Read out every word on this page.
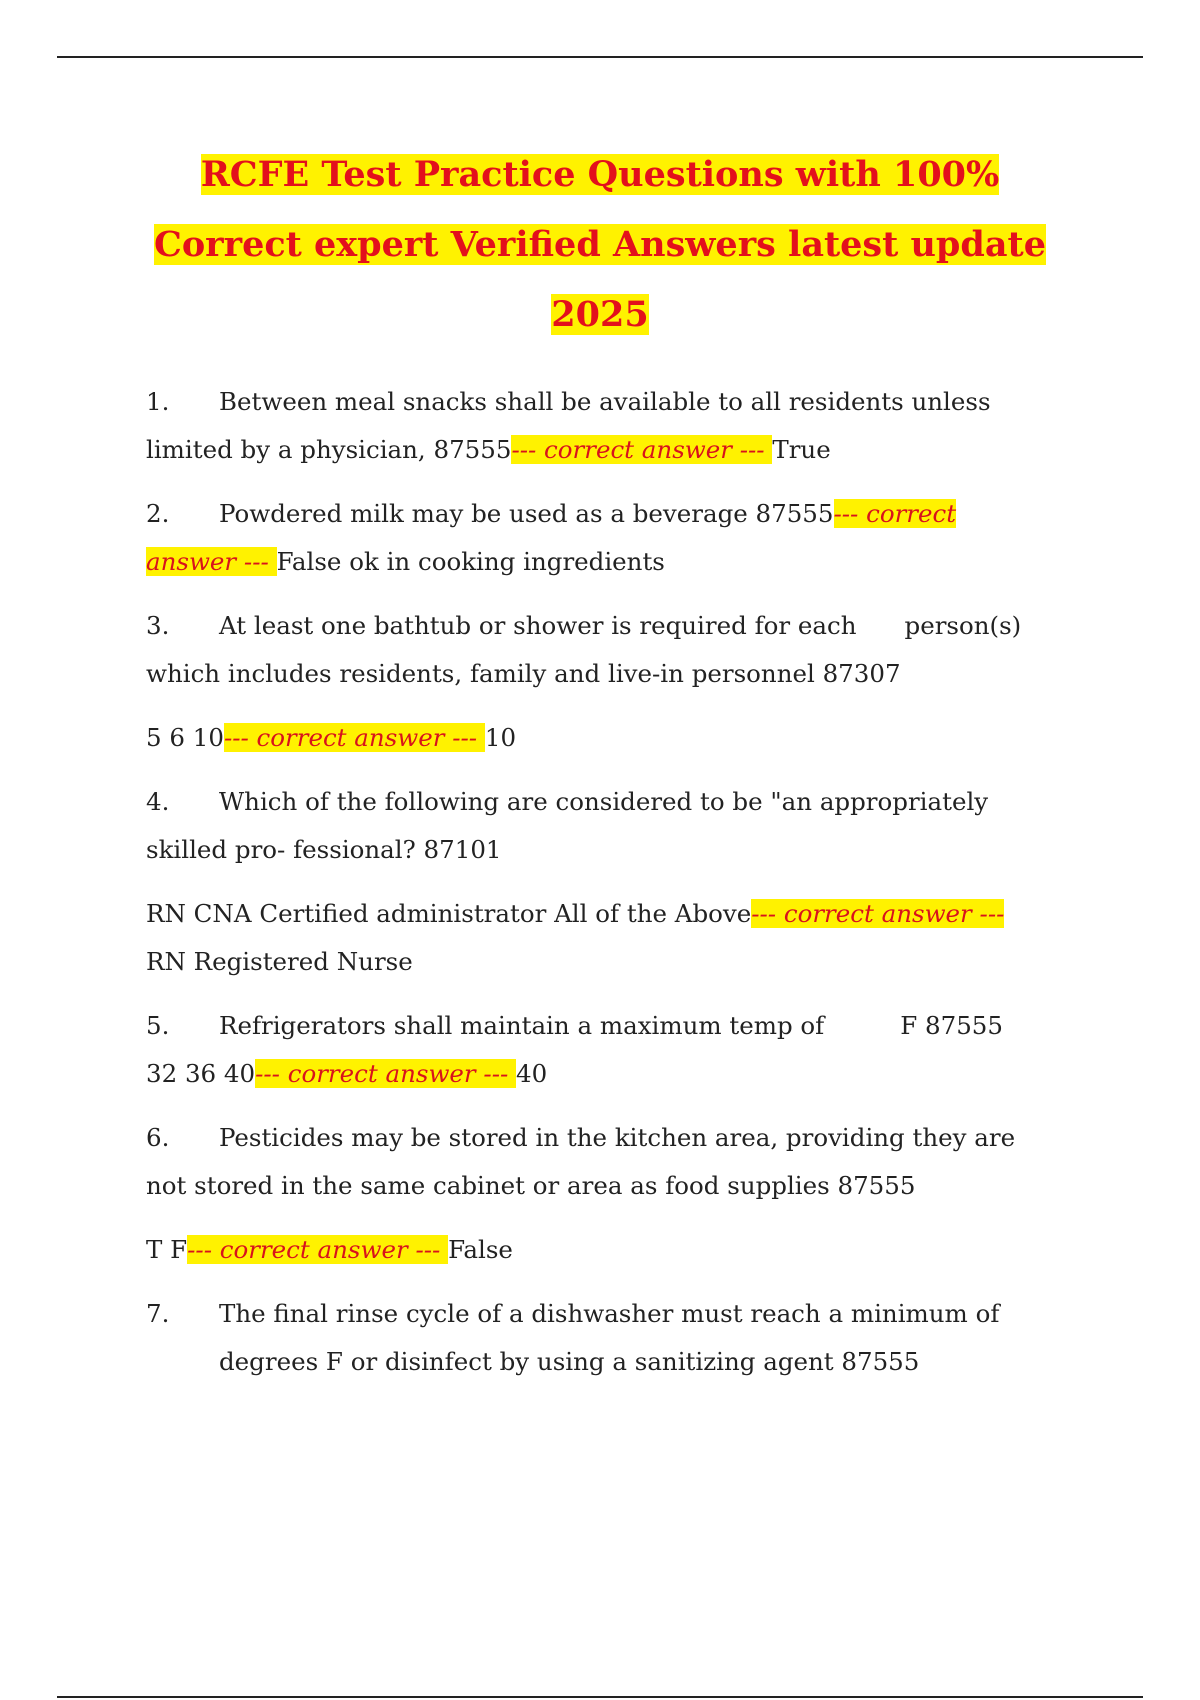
RCFE Test Practice Questions with 100%
Correct expert Verified Answers latest update
2025
1. Between meal snacks shall be available to all residents unless
limited by a physician, 87555--- correct answer --- True
2. Powdered milk may be used as a beverage 87555--- correct
answer --- False ok in cooking ingredients
3. At least one bathtub or shower is required for each person(s)
which includes residents, family and live-in personnel 87307
5 6 10--- correct answer --- 10
4. Which of the following are considered to be "an appropriately
skilled pro- fessional? 87101
RN CNA Certified administrator All of the Above--- correct answer ---
RN Registered Nurse
5. Refrigerators shall maintain a maximum temp of	F 87555
32 36 40--- correct answer --- 40
6. Pesticides may be stored in the kitchen area, providing they are
not stored in the same cabinet or area as food supplies 87555
T F--- correct answer --- False
7. The final rinse cycle of a dishwasher must reach a minimum of
degrees F or disinfect by using a sanitizing agent 87555
